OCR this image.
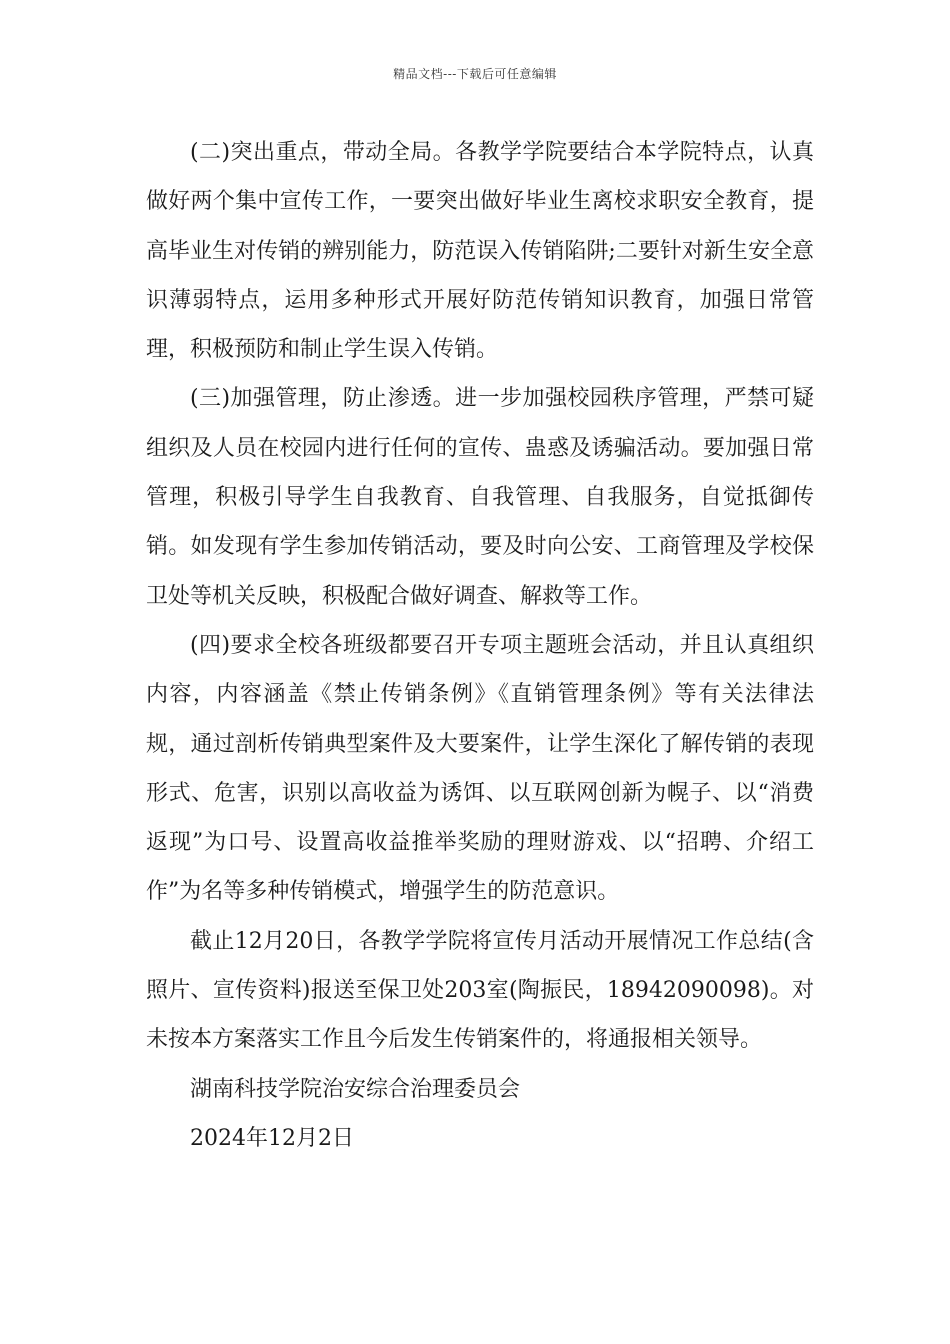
精品文档---下载后可任意编辑

(二)突出重点，带动全局。各教学学院要结合本学院特点，认真做好两个集中宣传工作，一要突出做好毕业生离校求职安全教育，提高毕业生对传销的辨别能力，防范误入传销陷阱;二要针对新生安全意识薄弱特点，运用多种形式开展好防范传销知识教育，加强日常管理，积极预防和制止学生误入传销。

(三)加强管理，防止渗透。进一步加强校园秩序管理，严禁可疑组织及人员在校园内进行任何的宣传、蛊惑及诱骗活动。要加强日常管理，积极引导学生自我教育、自我管理、自我服务，自觉抵御传销。如发现有学生参加传销活动，要及时向公安、工商管理及学校保卫处等机关反映，积极配合做好调查、解救等工作。

(四)要求全校各班级都要召开专项主题班会活动，并且认真组织内容，内容涵盖《禁止传销条例》《直销管理条例》等有关法律法规，通过剖析传销典型案件及大要案件，让学生深化了解传销的表现形式、危害，识别以高收益为诱饵、以互联网创新为幌子、以“消费返现”为口号、设置高收益推举奖励的理财游戏、以“招聘、介绍工作”为名等多种传销模式，增强学生的防范意识。

截止12月20日，各教学学院将宣传月活动开展情况工作总结(含照片、宣传资料)报送至保卫处203室(陶振民，18942090098)。对未按本方案落实工作且今后发生传销案件的，将通报相关领导。

湖南科技学院治安综合治理委员会

2024年12月2日
